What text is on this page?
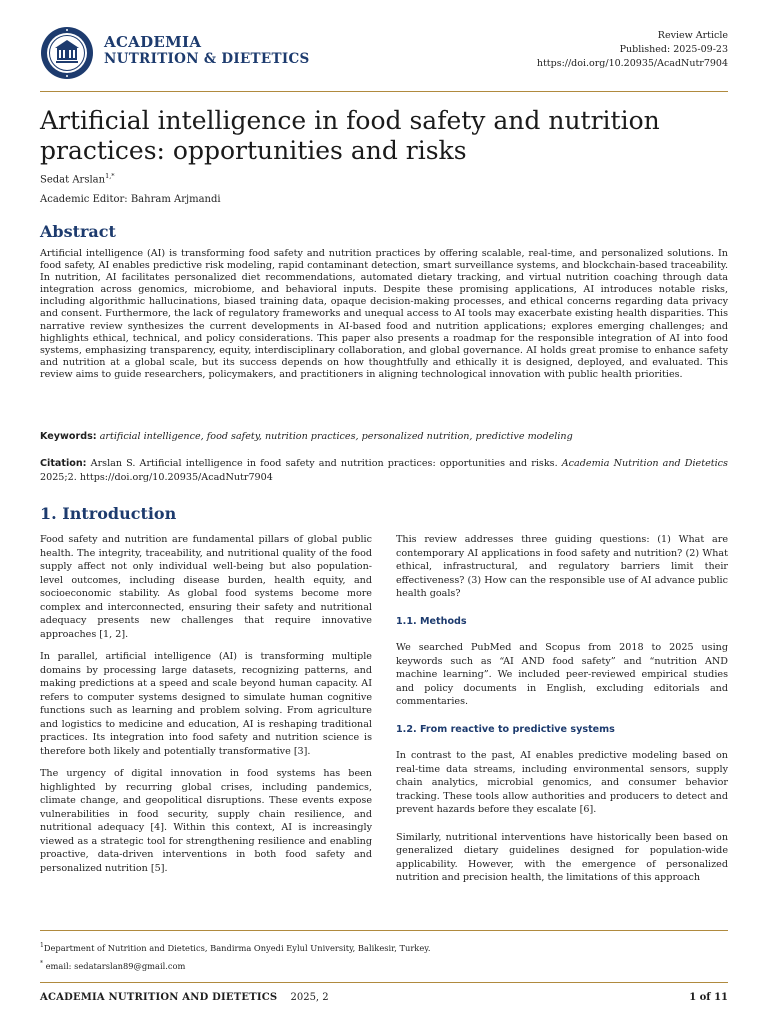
ACADEMIA
NUTRITION & DIETETICS
Review Article
Published: 2025-09-23
https://doi.org/10.20935/AcadNutr7904
Artificial intelligence in food safety and nutrition practices: opportunities and risks
Sedat Arslan$^{1,*}$
Academic Editor: Bahram Arjmandi
Abstract

Artificial intelligence (AI) is transforming food safety and nutrition practices by offering scalable, real-time, and personalized solutions. In food safety, AI enables predictive risk modeling, rapid contaminant detection, smart surveillance systems, and blockchain-based traceability. In nutrition, AI facilitates personalized diet recommendations, automated dietary tracking, and virtual nutrition coaching through data integration across genomics, microbiome, and behavioral inputs. Despite these promising applications, AI introduces notable risks, including algorithmic hallucinations, biased training data, opaque decision-making processes, and ethical concerns regarding data privacy and consent. Furthermore, the lack of regulatory frameworks and unequal access to AI tools may exacerbate existing health disparities. This narrative review synthesizes the current developments in AI-based food and nutrition applications; explores emerging challenges; and highlights ethical, technical, and policy considerations. This paper also presents a roadmap for the responsible integration of AI into food systems, emphasizing transparency, equity, interdisciplinary collaboration, and global governance. AI holds great promise to enhance safety and nutrition at a global scale, but its success depends on how thoughtfully and ethically it is designed, deployed, and evaluated. This review aims to guide researchers, policymakers, and practitioners in aligning technological innovation with public health priorities.

Keywords: artificial intelligence, food safety, nutrition practices, personalized nutrition, predictive modeling

Citation: Arslan S. Artificial intelligence in food safety and nutrition practices: opportunities and risks. Academia Nutrition and Dietetics 2025;2. https://doi.org/10.20935/AcadNutr7904

1. Introduction

Food safety and nutrition are fundamental pillars of global public health. The integrity, traceability, and nutritional quality of the food supply affect not only individual well-being but also population-level outcomes, including disease burden, health equity, and socioeconomic stability. As global food systems become more complex and interconnected, ensuring their safety and nutritional adequacy presents new challenges that require innovative approaches [1, 2].

In parallel, artificial intelligence (AI) is transforming multiple domains by processing large datasets, recognizing patterns, and making predictions at a speed and scale beyond human capacity. AI refers to computer systems designed to simulate human cognitive functions such as learning and problem solving. From agriculture and logistics to medicine and education, AI is reshaping traditional practices. Its integration into food safety and nutrition science is therefore both likely and potentially transformative [3].

The urgency of digital innovation in food systems has been highlighted by recurring global crises, including pandemics, climate change, and geopolitical disruptions. These events expose vulnerabilities in food security, supply chain resilience, and nutritional adequacy [4]. Within this context, AI is increasingly viewed as a strategic tool for strengthening resilience and enabling proactive, data-driven interventions in both food safety and personalized nutrition [5].

This review addresses three guiding questions: (1) What are contemporary AI applications in food safety and nutrition? (2) What ethical, infrastructural, and regulatory barriers limit their effectiveness? (3) How can the responsible use of AI advance public health goals?

1.1. Methods

We searched PubMed and Scopus from 2018 to 2025 using keywords such as “AI AND food safety” and “nutrition AND machine learning”. We included peer-reviewed empirical studies and policy documents in English, excluding editorials and commentaries.

1.2. From reactive to predictive systems

In contrast to the past, AI enables predictive modeling based on real-time data streams, including environmental sensors, supply chain analytics, microbial genomics, and consumer behavior tracking. These tools allow authorities and producers to detect and prevent hazards before they escalate [6].

Similarly, nutritional interventions have historically been based on generalized dietary guidelines designed for population-wide applicability. However, with the emergence of personalized nutrition and precision health, the limitations of this approach

$^1$Department of Nutrition and Dietetics, Bandirma Onyedi Eylul University, Balikesir, Turkey.
* email: sedatarslan89@gmail.com
ACADEMIA NUTRITION AND DIETETICS 2025, 2	1 of 11
